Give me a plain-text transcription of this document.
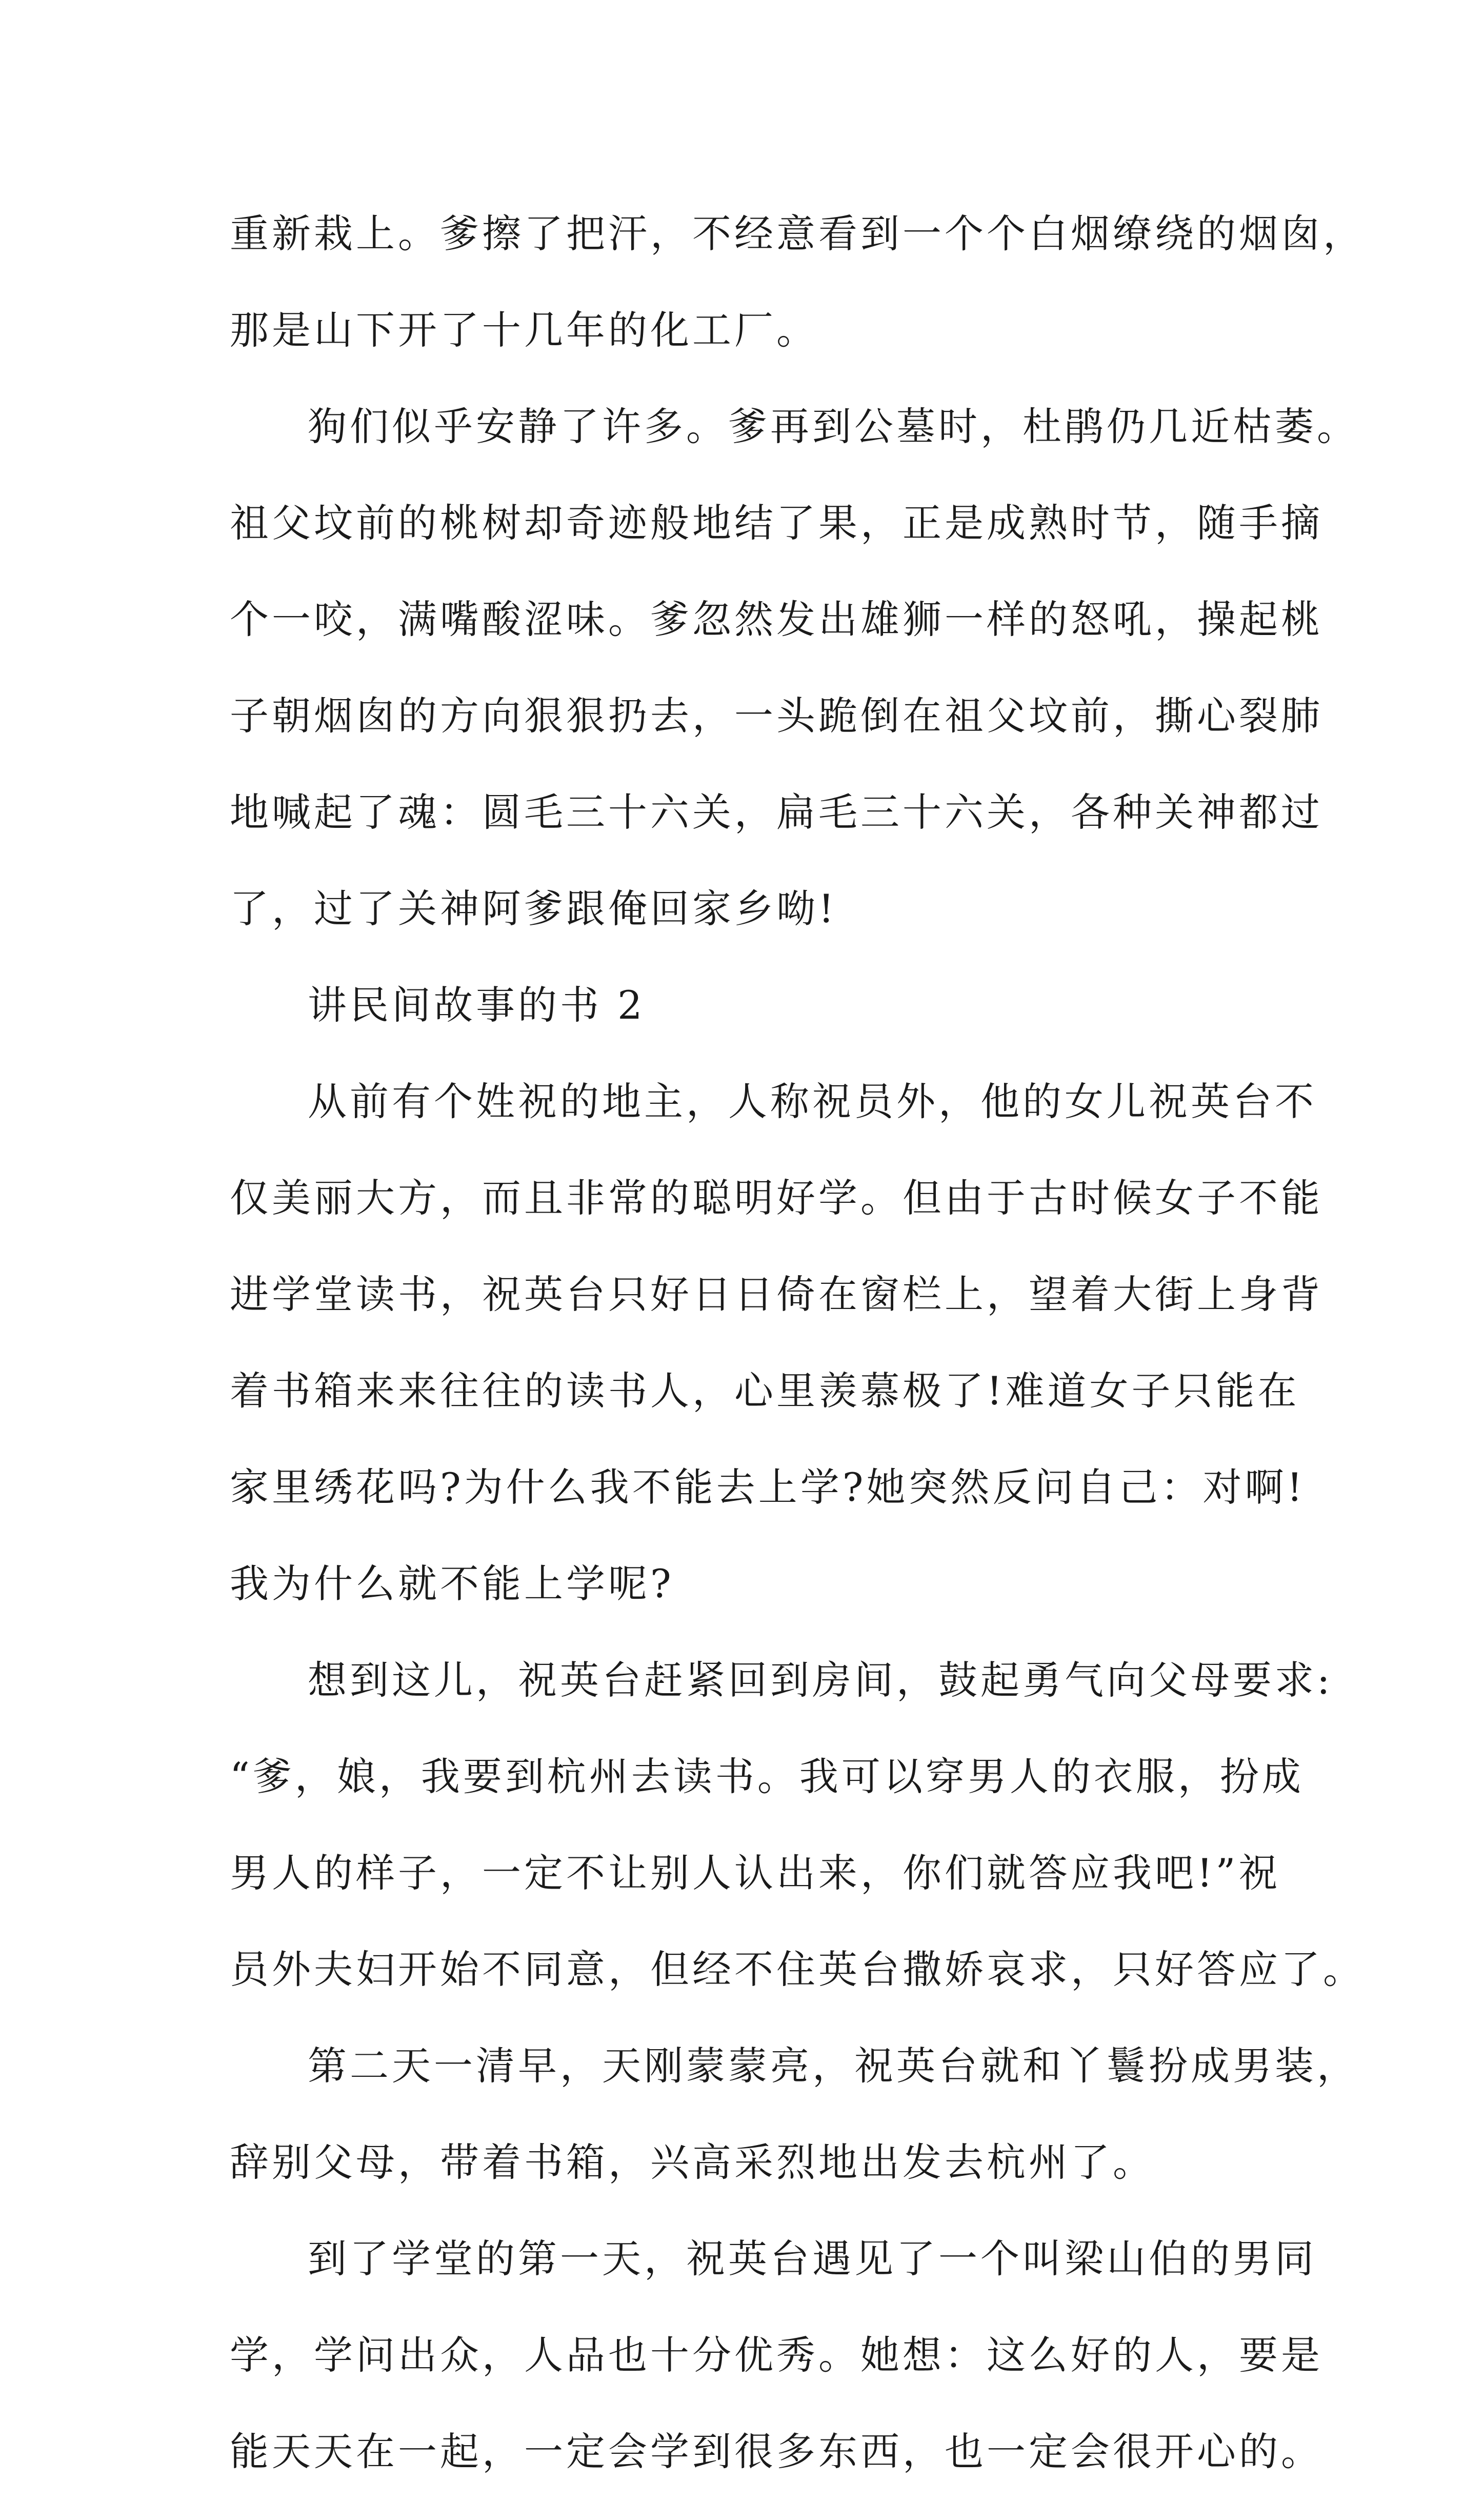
重新栽上。爹擦了把汗，不经意看到一个个白烟缭绕的烟囱，
那是山下开了十几年的化工厂。
狗们似乎安静了许多。爹再到公墓时，杜鹃仍几近枯萎。
祖父坟前的桃树却奇迹般地结了果，正是成熟时节，随手摘
个一咬，满嘴酸涩味。爹忽然发出雄狮一样的怒吼，操起桃
子朝烟囱的方向狠狠扔去，一头跪倒在祖父坟前，撕心裂肺
地喊起了魂：圆毛三十六关，扁毛三十六关，各种关神都过
了，过了关神阿爹跟俺回家乡呦!
讲民间故事的书 2
从前有个姓祝的地主，人称祝员外，他的女儿祝英台不
仅美丽大方，而且非常的聪明好学。但由于古时候女子不能
进学堂读书，祝英台只好日日倚在窗栏上，望着大街上身背
着书箱来来往往的读书人，心里羡慕极了!难道女子只能在
家里绣花吗?为什么我不能去上学?她突然反问自己：对啊!
我为什么就不能上学呢?
想到这儿，祝英台赶紧回到房间，鼓起勇气向父母要求:
“爹，娘，我要到杭州去读书。我可以穿男人的衣服，扮成
男人的样子，一定不让别人认出来，你们就答应我吧!”祝
员外夫妇开始不同意，但经不住英台撒娇哀求，只好答应了。
第二天一清早，天刚蒙蒙亮，祝英台就和丫鬟扮成男装，
辞别父母，带着书箱，兴高采烈地出发去杭州了。
到了学堂的第一天，祝英台遇见了一个叫梁山伯的男同
学，学问出众，人品也十分优秀。她想：这么好的人，要是
能天天在一起，一定会学到很多东西，也一定会很开心的。
